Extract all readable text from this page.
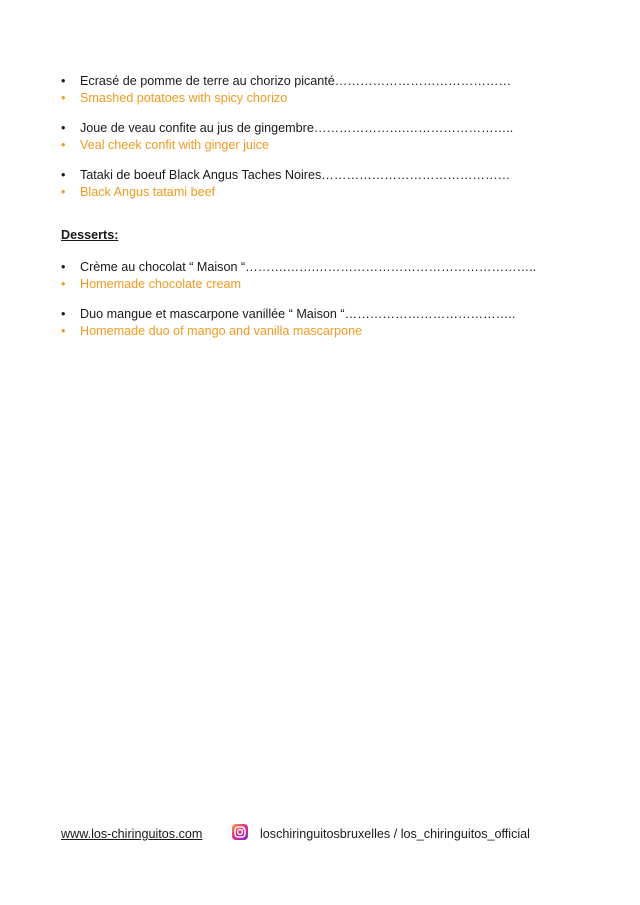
• Ecrasé de pomme de terre au chorizo picanté……………………………………
• Smashed potatoes with spicy chorizo
• Joue de veau confite au jus de gingembre………………….……………………..
• Veal cheek confit with ginger juice
• Tataki de boeuf Black Angus Taches Noires………………………………………
• Black Angus tatami beef
Desserts:
• Crème au chocolat “ Maison “……….…….……………………………………………..
• Homemade chocolate cream
• Duo mangue et mascarpone vanillée “ Maison “…………………………………..
• Homemade duo of mango and vanilla mascarpone
www.los-chiringuitos.com	loschiringuitosbruxelles / los_chiringuitos_official
